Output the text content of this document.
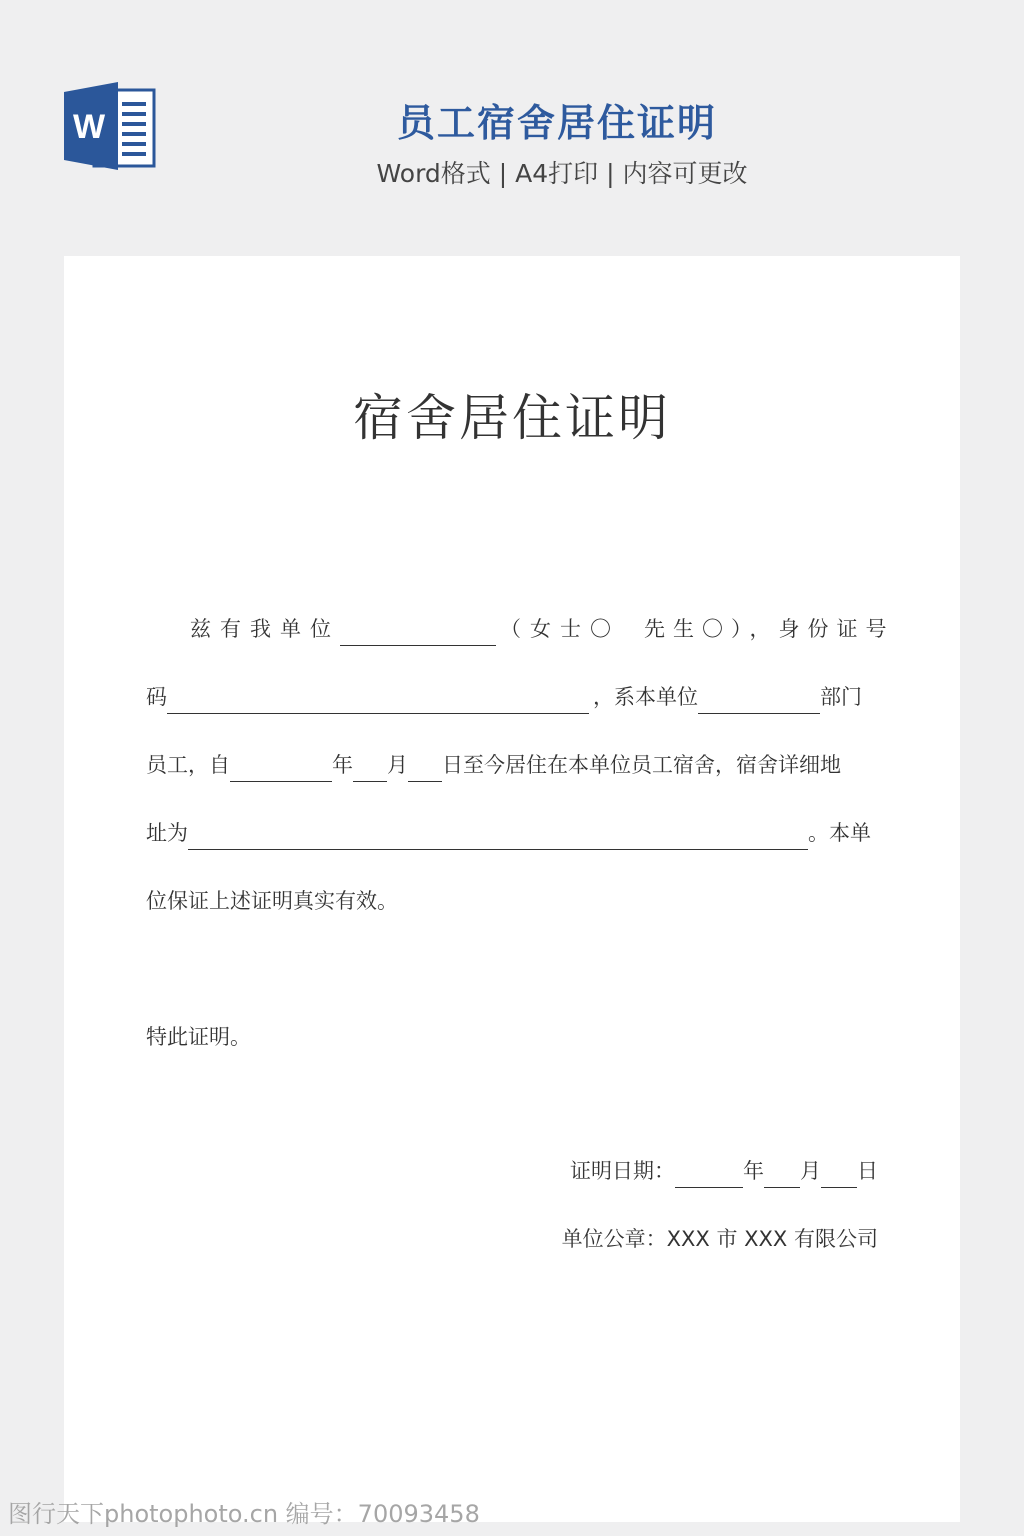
W	员工宿舍居住证明
Word格式 | A4打印 | 内容可更改
宿舍居住证明
兹有我单位	（女士〇 先生〇），身份证号
码	，系本单位	部门
员工，自	年 月 日至今居住在本单位员工宿舍，宿舍详细地
址为	。本单
位保证上述证明真实有效。
特此证明。
证明日期：	年 月 日
单位公章：XXX 市 XXX 有限公司
图行天下photophoto.cn 编号：70093458
